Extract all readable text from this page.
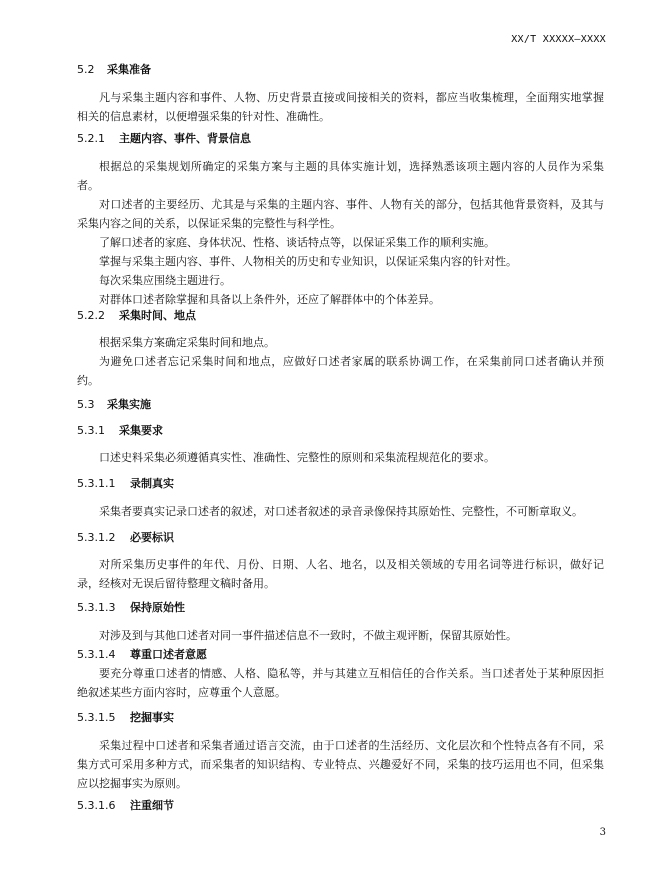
XX/T XXXXX—XXXX
5.2 采集准备
凡与采集主题内容和事件、人物、历史背景直接或间接相关的资料，都应当收集梳理，全面翔实地掌握相关的信息素材，以便增强采集的针对性、准确性。
5.2.1 主题内容、事件、背景信息
根据总的采集规划所确定的采集方案与主题的具体实施计划，选择熟悉该项主题内容的人员作为采集者。
对口述者的主要经历、尤其是与采集的主题内容、事件、人物有关的部分，包括其他背景资料，及其与采集内容之间的关系，以保证采集的完整性与科学性。
了解口述者的家庭、身体状况、性格、谈话特点等，以保证采集工作的顺利实施。
掌握与采集主题内容、事件、人物相关的历史和专业知识，以保证采集内容的针对性。
每次采集应围绕主题进行。
对群体口述者除掌握和具备以上条件外，还应了解群体中的个体差异。
5.2.2 采集时间、地点
根据采集方案确定采集时间和地点。
为避免口述者忘记采集时间和地点，应做好口述者家属的联系协调工作，在采集前同口述者确认并预约。
5.3 采集实施
5.3.1 采集要求
口述史料采集必须遵循真实性、准确性、完整性的原则和采集流程规范化的要求。
5.3.1.1 录制真实
采集者要真实记录口述者的叙述，对口述者叙述的录音录像保持其原始性、完整性，不可断章取义。
5.3.1.2 必要标识
对所采集历史事件的年代、月份、日期、人名、地名，以及相关领域的专用名词等进行标识，做好记录，经核对无误后留待整理文稿时备用。
5.3.1.3 保持原始性
对涉及到与其他口述者对同一事件描述信息不一致时，不做主观评断，保留其原始性。
5.3.1.4 尊重口述者意愿
要充分尊重口述者的情感、人格、隐私等，并与其建立互相信任的合作关系。当口述者处于某种原因拒绝叙述某些方面内容时，应尊重个人意愿。
5.3.1.5 挖掘事实
采集过程中口述者和采集者通过语言交流，由于口述者的生活经历、文化层次和个性特点各有不同，采集方式可采用多种方式，而采集者的知识结构、专业特点、兴趣爱好不同，采集的技巧运用也不同，但采集应以挖掘事实为原则。
5.3.1.6 注重细节
3
